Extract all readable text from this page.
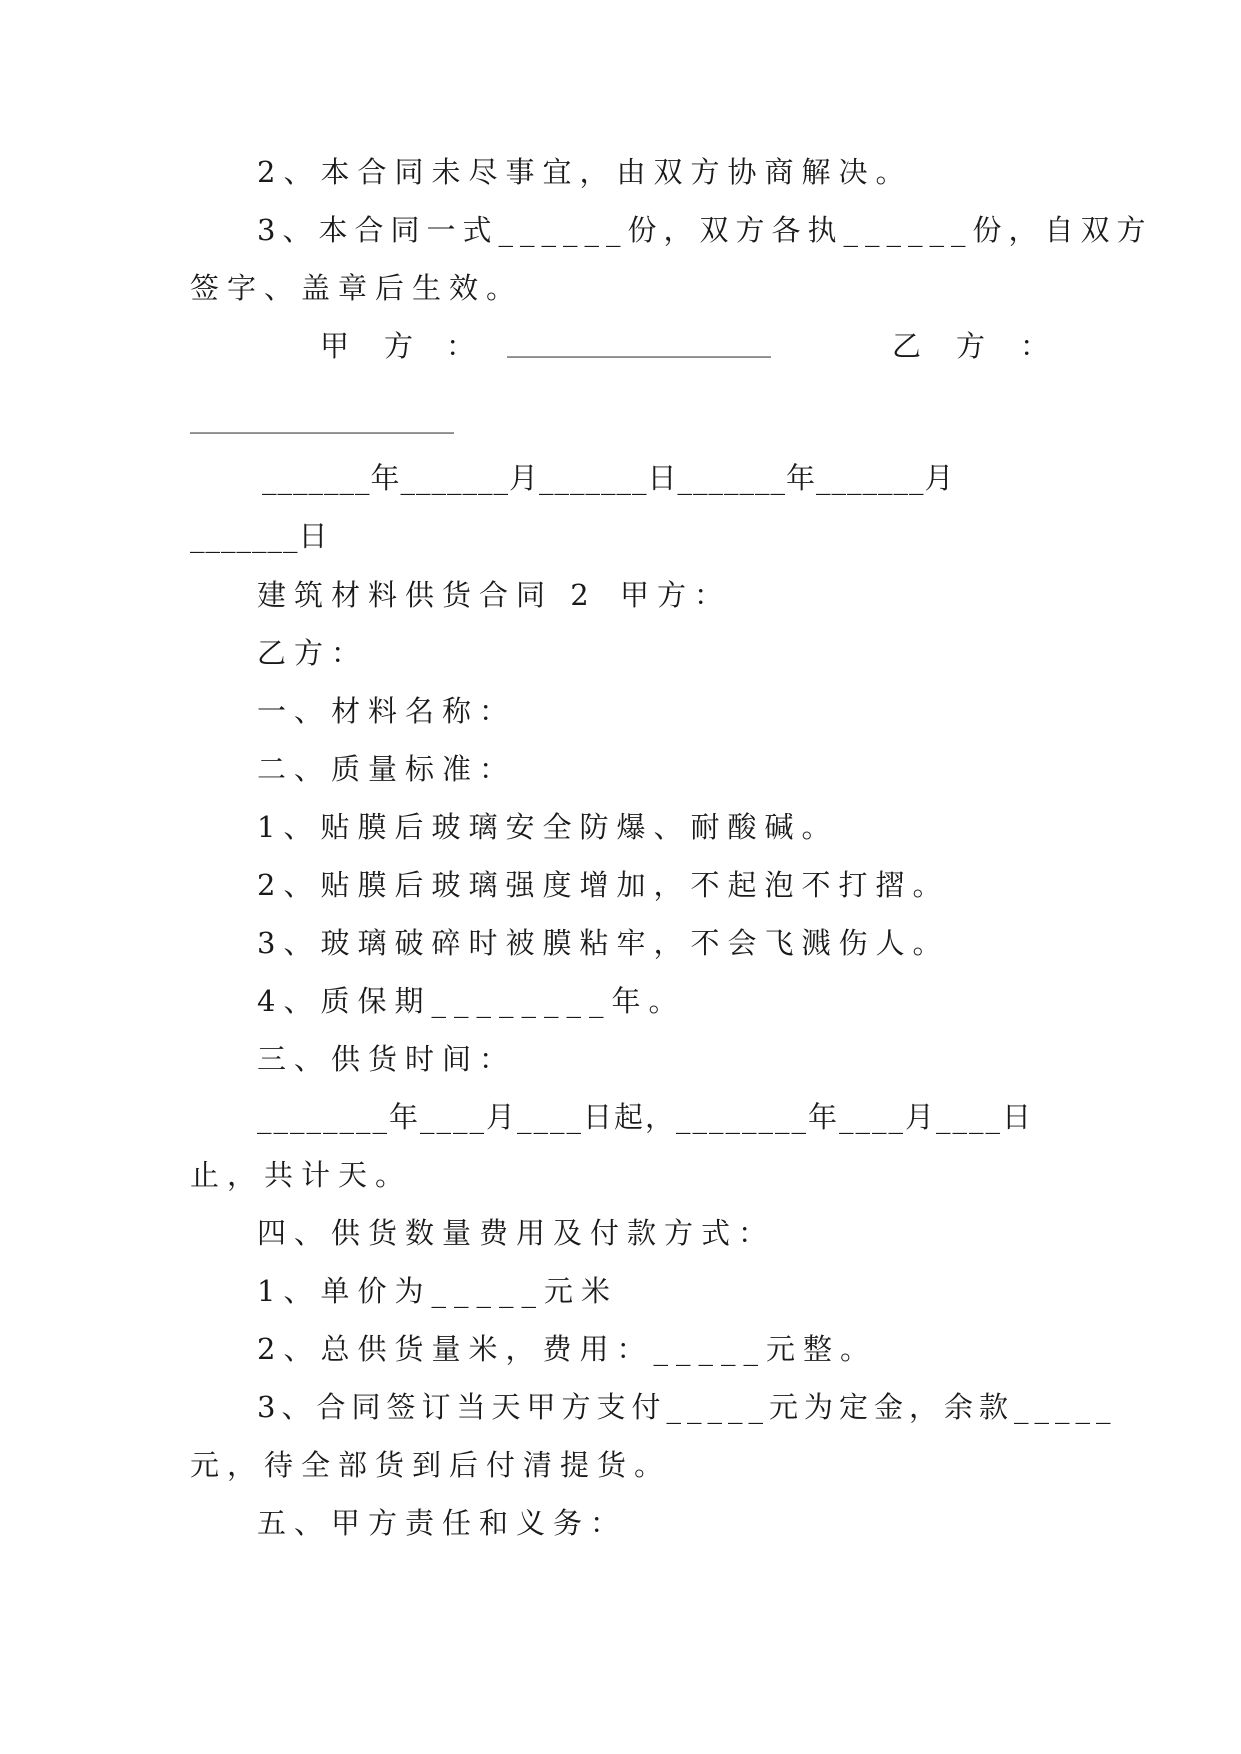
2、本合同未尽事宜，由双方协商解决。
3、本合同一式______份，双方各执______份，自双方
签字、盖章后生效。
甲 方 ： ______________________	乙 方 ：
______________________
_______年_______月_______日_______年_______月
_______日
建筑材料供货合同 2 甲方：
乙方：
一、材料名称：
二、质量标准：
1、贴膜后玻璃安全防爆、耐酸碱。
2、贴膜后玻璃强度增加，不起泡不打摺。
3、玻璃破碎时被膜粘牢，不会飞溅伤人。
4、质保期________年。
三、供货时间：
________年____月____日起，________年____月____日
止，共计天。
四、供货数量费用及付款方式：
1、单价为_____元米
2、总供货量米，费用：_____元整。
3、合同签订当天甲方支付_____元为定金，余款_____
元，待全部货到后付清提货。
五、甲方责任和义务：
